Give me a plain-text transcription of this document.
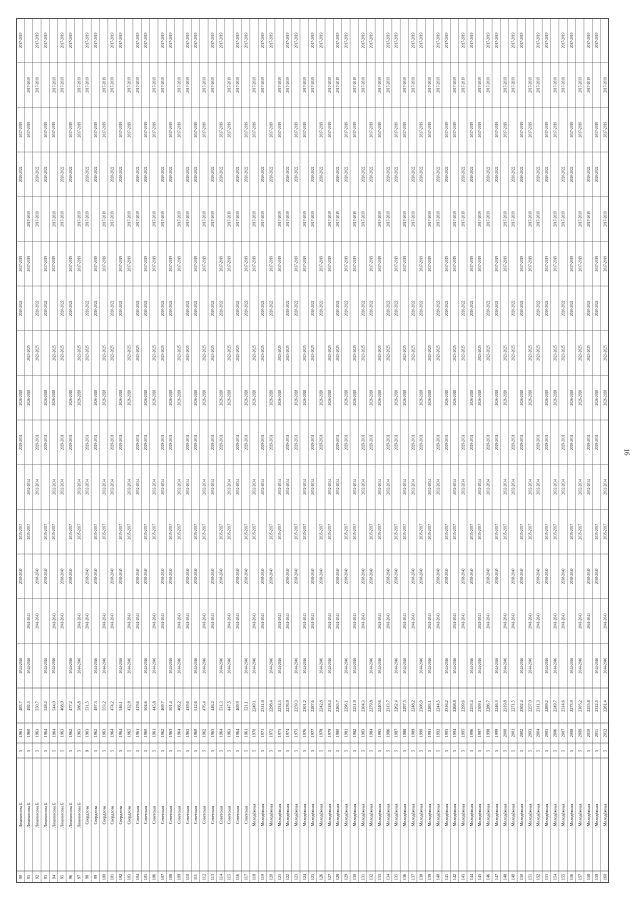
90
Ломоносова Б
5
1961
483.7
2017-2019
2017-2019
2020-2022
2017-2019
2020-2022
2026-2028
2029-2031
2035-2037
2038-2040
2044-2046
91
Ломоносова Б
5
1960
492.5
2017-2019
2017-2019
2017-2019
2017-2019
2023-2025
2026-2028
2032-2034
2035-2037
2041-2043
2044-2046
92
Ломоносова Б
5
1963
550.7
2017-2019
2017-2019
2020-2022
2017-2019
2020-2022
2023-2025
2029-2031
2032-2034
2038-2040
2041-2043
93
Ломоносова Б
5
1964
528.2
2017-2019
2017-2019
2020-2022
2017-2019
2020-2022
2026-2028
2029-2031
2035-2037
2038-2040
2044-2046
94
Ломоносова Б
5
1964
544.0
2017-2019
2017-2019
2017-2019
2017-2019
2023-2025
2026-2028
2032-2034
2035-2037
2041-2043
2044-2046
95
Ломоносова Б
5
1963
468.9
2017-2019
2017-2019
2020-2022
2017-2019
2020-2022
2023-2025
2029-2031
2032-2034
2038-2040
2041-2043
96
Ломоносова Б
5
1962
477.2
2017-2019
2017-2019
2020-2022
2017-2019
2020-2022
2026-2028
2029-2031
2035-2037
2038-2040
2044-2046
97
Ломоносова Б
5
1963
586.8
2017-2019
2017-2019
2017-2019
2017-2019
2023-2025
2026-2028
2032-2034
2035-2037
2041-2043
2044-2046
98
Свердлова
9
1963
531.5
2017-2019
2017-2019
2020-2022
2017-2019
2020-2022
2023-2025
2029-2031
2032-2034
2038-2040
2041-2043
99
Свердлова
5
1962
497.3
2017-2019
2017-2019
2020-2022
2017-2019
2020-2022
2026-2028
2029-2031
2035-2037
2038-2040
2044-2046
100
Свердлова
5
1963
553.2
2017-2019
2017-2019
2017-2019
2017-2019
2023-2025
2026-2028
2032-2034
2035-2037
2041-2043
2044-2046
101
Свердлова
5
1964
474.2
2017-2019
2017-2019
2020-2022
2017-2019
2020-2022
2023-2025
2029-2031
2032-2034
2038-2040
2041-2043
102
Свердлова
5
1964
546.1
2017-2019
2017-2019
2020-2022
2017-2019
2020-2022
2026-2028
2029-2031
2035-2037
2038-2040
2044-2046
103
Свердлова
5
1965
432.8
2017-2019
2017-2019
2017-2019
2017-2019
2023-2025
2026-2028
2032-2034
2035-2037
2041-2043
2044-2046
104
Советская
5
1961
419.6
2017-2019
2017-2019
2020-2022
2017-2019
2020-2022
2023-2025
2029-2031
2032-2034
2038-2040
2041-2043
105
Советская
5
1960
504.6
2017-2019
2017-2019
2020-2022
2017-2019
2020-2022
2026-2028
2029-2031
2035-2037
2038-2040
2044-2046
106
Советская
5
1961
445.8
2017-2019
2017-2019
2017-2019
2017-2019
2023-2025
2026-2028
2032-2034
2035-2037
2041-2043
2044-2046
107
Советская
5
1962
469.7
2017-2019
2017-2019
2020-2022
2017-2019
2020-2022
2023-2025
2029-2031
2032-2034
2038-2040
2041-2043
108
Советская
5
1963
501.4
2017-2019
2017-2019
2020-2022
2017-2019
2020-2022
2026-2028
2029-2031
2035-2037
2038-2040
2044-2046
109
Советская
5
1964
466.2
2017-2019
2017-2019
2017-2019
2017-2019
2023-2025
2026-2028
2032-2034
2035-2037
2041-2043
2044-2046
110
Советская
5
1963
439.6
2017-2019
2017-2019
2020-2022
2017-2019
2020-2022
2023-2025
2029-2031
2032-2034
2038-2040
2041-2043
111
Советская
5
1960
512.6
2017-2019
2017-2019
2020-2022
2017-2019
2020-2022
2026-2028
2029-2031
2035-2037
2038-2040
2044-2046
112
Советская
5
1962
476.4
2017-2019
2017-2019
2017-2019
2017-2019
2023-2025
2026-2028
2032-2034
2035-2037
2041-2043
2044-2046
113
Советская
5
1963
446.2
2017-2019
2017-2019
2020-2022
2017-2019
2020-2022
2023-2025
2029-2031
2032-2034
2038-2040
2041-2043
114
Советская
5
1964
531.3
2017-2019
2017-2019
2020-2022
2017-2019
2020-2022
2026-2028
2029-2031
2035-2037
2038-2040
2044-2046
115
Советская
5
1963
447.5
2017-2019
2017-2019
2017-2019
2017-2019
2023-2025
2026-2028
2032-2034
2035-2037
2041-2043
2044-2046
116
Советская
5
1964
469.9
2017-2019
2017-2019
2020-2022
2017-2019
2020-2022
2023-2025
2029-2031
2032-2034
2038-2040
2041-2043
117
Советская
5
1961
521.1
2017-2019
2017-2019
2020-2022
2017-2019
2020-2022
2026-2028
2029-2031
2035-2037
2038-2040
2044-2046
118
Молодёжная
5
1970
2249.1
2017-2019
2017-2019
2017-2019
2017-2019
2023-2025
2026-2028
2032-2034
2035-2037
2041-2043
2044-2046
119
Молодёжная
5
1971
2311.8
2017-2019
2017-2019
2020-2022
2017-2019
2020-2022
2023-2025
2029-2031
2032-2034
2038-2040
2041-2043
120
Молодёжная
5
1972
2298.4
2017-2019
2017-2019
2020-2022
2017-2019
2020-2022
2026-2028
2029-2031
2035-2037
2038-2040
2044-2046
121
Молодёжная
5
1973
2234.5
2017-2019
2017-2019
2017-2019
2017-2019
2023-2025
2026-2028
2032-2034
2035-2037
2041-2043
2044-2046
122
Молодёжная
5
1974
2276.9
2017-2019
2017-2019
2020-2022
2017-2019
2020-2022
2023-2025
2029-2031
2032-2034
2038-2040
2041-2043
123
Молодёжная
5
1975
2259.3
2017-2019
2017-2019
2020-2022
2017-2019
2020-2022
2026-2028
2029-2031
2035-2037
2038-2040
2044-2046
124
Молодёжная
5
1976
2301.2
2017-2019
2017-2019
2017-2019
2017-2019
2023-2025
2026-2028
2032-2034
2035-2037
2041-2043
2044-2046
125
Молодёжная
5
1977
2287.6
2017-2019
2017-2019
2020-2022
2017-2019
2020-2022
2023-2025
2029-2031
2032-2034
2038-2040
2041-2043
126
Молодёжная
5
1978
2242.8
2017-2019
2017-2019
2020-2022
2017-2019
2020-2022
2026-2028
2029-2031
2035-2037
2038-2040
2044-2046
127
Молодёжная
5
1979
2318.4
2017-2019
2017-2019
2017-2019
2017-2019
2023-2025
2026-2028
2032-2034
2035-2037
2041-2043
2044-2046
128
Молодёжная
5
1980
2265.7
2017-2019
2017-2019
2020-2022
2017-2019
2020-2022
2023-2025
2029-2031
2032-2034
2038-2040
2041-2043
129
Молодёжная
5
1981
2296.1
2017-2019
2017-2019
2020-2022
2017-2019
2020-2022
2026-2028
2029-2031
2035-2037
2038-2040
2044-2046
130
Молодёжная
5
1982
2251.9
2017-2019
2017-2019
2017-2019
2017-2019
2023-2025
2026-2028
2032-2034
2035-2037
2041-2043
2044-2046
131
Молодёжная
5
1983
2304.3
2017-2019
2017-2019
2020-2022
2017-2019
2020-2022
2023-2025
2029-2031
2032-2034
2038-2040
2041-2043
132
Молодёжная
5
1984
2279.8
2017-2019
2017-2019
2020-2022
2017-2019
2020-2022
2026-2028
2029-2031
2035-2037
2038-2040
2044-2046
133
Молодёжная
5
1985
2240.6
2017-2019
2017-2019
2017-2019
2017-2019
2023-2025
2026-2028
2032-2034
2035-2037
2041-2043
2044-2046
134
Молодёжная
5
1986
2313.7
2017-2019
2017-2019
2020-2022
2017-2019
2020-2022
2023-2025
2029-2031
2032-2034
2038-2040
2041-2043
135
Молодёжная
5
1987
2262.4
2017-2019
2017-2019
2020-2022
2017-2019
2020-2022
2026-2028
2029-2031
2035-2037
2038-2040
2044-2046
136
Молодёжная
5
1988
2297.5
2017-2019
2017-2019
2017-2019
2017-2019
2023-2025
2026-2028
2032-2034
2035-2037
2041-2043
2044-2046
137
Молодёжная
5
1989
2248.2
2017-2019
2017-2019
2020-2022
2017-2019
2020-2022
2023-2025
2029-2031
2032-2034
2038-2040
2041-2043
138
Молодёжная
5
1990
2306.9
2017-2019
2017-2019
2020-2022
2017-2019
2020-2022
2026-2028
2029-2031
2035-2037
2038-2040
2044-2046
139
Молодёжная
5
1991
2283.1
2017-2019
2017-2019
2017-2019
2017-2019
2023-2025
2026-2028
2032-2034
2035-2037
2041-2043
2044-2046
140
Молодёжная
5
1992
2244.5
2017-2019
2017-2019
2020-2022
2017-2019
2020-2022
2023-2025
2029-2031
2032-2034
2038-2040
2041-2043
141
Молодёжная
5
1993
2316.2
2017-2019
2017-2019
2020-2022
2017-2019
2020-2022
2026-2028
2029-2031
2035-2037
2038-2040
2044-2046
142
Молодёжная
5
1994
2268.8
2017-2019
2017-2019
2017-2019
2017-2019
2023-2025
2026-2028
2032-2034
2035-2037
2041-2043
2044-2046
143
Молодёжная
5
1995
2299.6
2017-2019
2017-2019
2020-2022
2017-2019
2020-2022
2023-2025
2029-2031
2032-2034
2038-2040
2041-2043
144
Молодёжная
5
1996
2253.4
2017-2019
2017-2019
2020-2022
2017-2019
2020-2022
2026-2028
2029-2031
2035-2037
2038-2040
2044-2046
145
Молодёжная
5
1997
2309.1
2017-2019
2017-2019
2017-2019
2017-2019
2023-2025
2026-2028
2032-2034
2035-2037
2041-2043
2044-2046
146
Молодёжная
5
1998
2286.7
2017-2019
2017-2019
2020-2022
2017-2019
2020-2022
2023-2025
2029-2031
2032-2034
2038-2040
2041-2043
147
Молодёжная
5
1999
2246.3
2017-2019
2017-2019
2020-2022
2017-2019
2020-2022
2026-2028
2029-2031
2035-2037
2038-2040
2044-2046
148
Молодёжная
5
2000
2319.8
2017-2019
2017-2019
2017-2019
2017-2019
2023-2025
2026-2028
2032-2034
2035-2037
2041-2043
2044-2046
149
Молодёжная
5
2001
2271.5
2017-2019
2017-2019
2020-2022
2017-2019
2020-2022
2023-2025
2029-2031
2032-2034
2038-2040
2041-2043
150
Молодёжная
5
2002
2302.4
2017-2019
2017-2019
2020-2022
2017-2019
2020-2022
2026-2028
2029-2031
2035-2037
2038-2040
2044-2046
151
Молодёжная
5
2003
2257.0
2017-2019
2017-2019
2017-2019
2017-2019
2023-2025
2026-2028
2032-2034
2035-2037
2041-2043
2044-2046
152
Молодёжная
5
2004
2311.3
2017-2019
2017-2019
2020-2022
2017-2019
2020-2022
2023-2025
2029-2031
2032-2034
2038-2040
2041-2043
153
Молодёжная
5
2005
2289.2
2017-2019
2017-2019
2020-2022
2017-2019
2020-2022
2026-2028
2029-2031
2035-2037
2038-2040
2044-2046
154
Молодёжная
5
2006
2249.7
2017-2019
2017-2019
2017-2019
2017-2019
2023-2025
2026-2028
2032-2034
2035-2037
2041-2043
2044-2046
155
Молодёжная
5
2007
2314.6
2017-2019
2017-2019
2020-2022
2017-2019
2020-2022
2023-2025
2029-2031
2032-2034
2038-2040
2041-2043
156
Молодёжная
5
2008
2273.9
2017-2019
2017-2019
2020-2022
2017-2019
2020-2022
2026-2028
2029-2031
2035-2037
2038-2040
2044-2046
157
Молодёжная
5
2009
2305.2
2017-2019
2017-2019
2017-2019
2017-2019
2023-2025
2026-2028
2032-2034
2035-2037
2041-2043
2044-2046
158
Молодёжная
5
2010
2255.8
2017-2019
2017-2019
2020-2022
2017-2019
2020-2022
2023-2025
2029-2031
2032-2034
2038-2040
2041-2043
159
Молодёжная
5
2011
2312.5
2017-2019
2017-2019
2020-2022
2017-2019
2020-2022
2026-2028
2029-2031
2035-2037
2038-2040
2044-2046
160
Молодёжная
5
2012
2281.4
2017-2019
2017-2019
2017-2019
2017-2019
2023-2025
2026-2028
2032-2034
2035-2037
2041-2043
2044-2046
16
